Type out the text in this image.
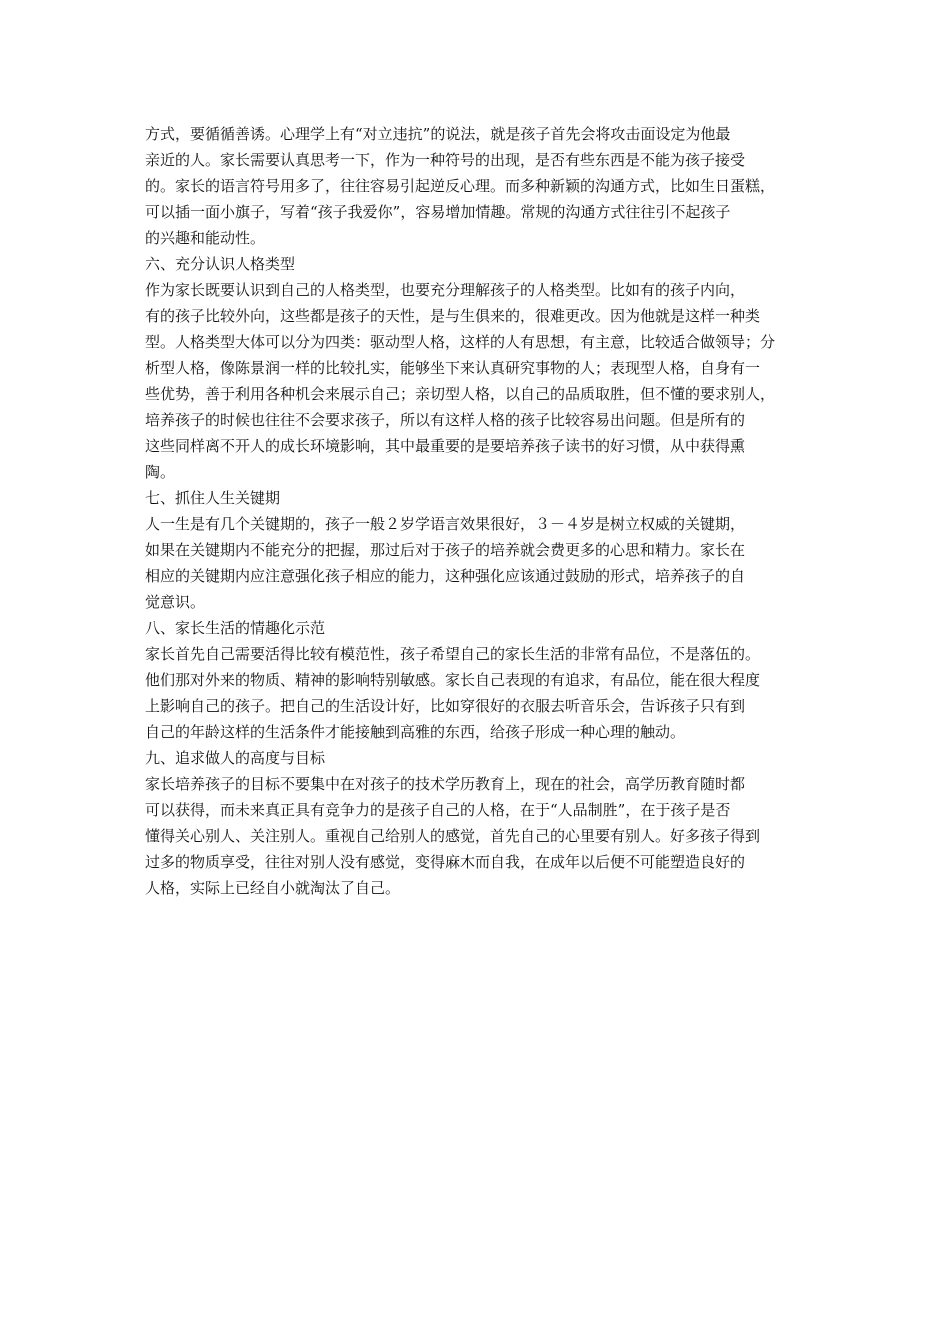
方式，要循循善诱。心理学上有“对立违抗”的说法，就是孩子首先会将攻击面设定为他最
亲近的人。家长需要认真思考一下，作为一种符号的出现，是否有些东西是不能为孩子接受
的。家长的语言符号用多了，往往容易引起逆反心理。而多种新颖的沟通方式，比如生日蛋糕，
可以插一面小旗子，写着“孩子我爱你”，容易增加情趣。常规的沟通方式往往引不起孩子
的兴趣和能动性。
六、充分认识人格类型
作为家长既要认识到自己的人格类型，也要充分理解孩子的人格类型。比如有的孩子内向，
有的孩子比较外向，这些都是孩子的天性，是与生俱来的，很难更改。因为他就是这样一种类
型。人格类型大体可以分为四类：驱动型人格，这样的人有思想，有主意，比较适合做领导；分
析型人格，像陈景润一样的比较扎实，能够坐下来认真研究事物的人；表现型人格，自身有一
些优势，善于利用各种机会来展示自己；亲切型人格，以自己的品质取胜，但不懂的要求别人，
培养孩子的时候也往往不会要求孩子，所以有这样人格的孩子比较容易出问题。但是所有的
这些同样离不开人的成长环境影响，其中最重要的是要培养孩子读书的好习惯，从中获得熏
陶。
七、抓住人生关键期
人一生是有几个关键期的，孩子一般２岁学语言效果很好，３－４岁是树立权威的关键期，
如果在关键期内不能充分的把握，那过后对于孩子的培养就会费更多的心思和精力。家长在
相应的关键期内应注意强化孩子相应的能力，这种强化应该通过鼓励的形式，培养孩子的自
觉意识。
八、家长生活的情趣化示范
家长首先自己需要活得比较有模范性，孩子希望自己的家长生活的非常有品位，不是落伍的。
他们那对外来的物质、精神的影响特别敏感。家长自己表现的有追求，有品位，能在很大程度
上影响自己的孩子。把自己的生活设计好，比如穿很好的衣服去听音乐会，告诉孩子只有到
自己的年龄这样的生活条件才能接触到高雅的东西，给孩子形成一种心理的触动。
九、追求做人的高度与目标
家长培养孩子的目标不要集中在对孩子的技术学历教育上，现在的社会，高学历教育随时都
可以获得，而未来真正具有竞争力的是孩子自己的人格，在于“人品制胜”，在于孩子是否
懂得关心别人、关注别人。重视自己给别人的感觉，首先自己的心里要有别人。好多孩子得到
过多的物质享受，往往对别人没有感觉，变得麻木而自我，在成年以后便不可能塑造良好的
人格，实际上已经自小就淘汰了自己。
